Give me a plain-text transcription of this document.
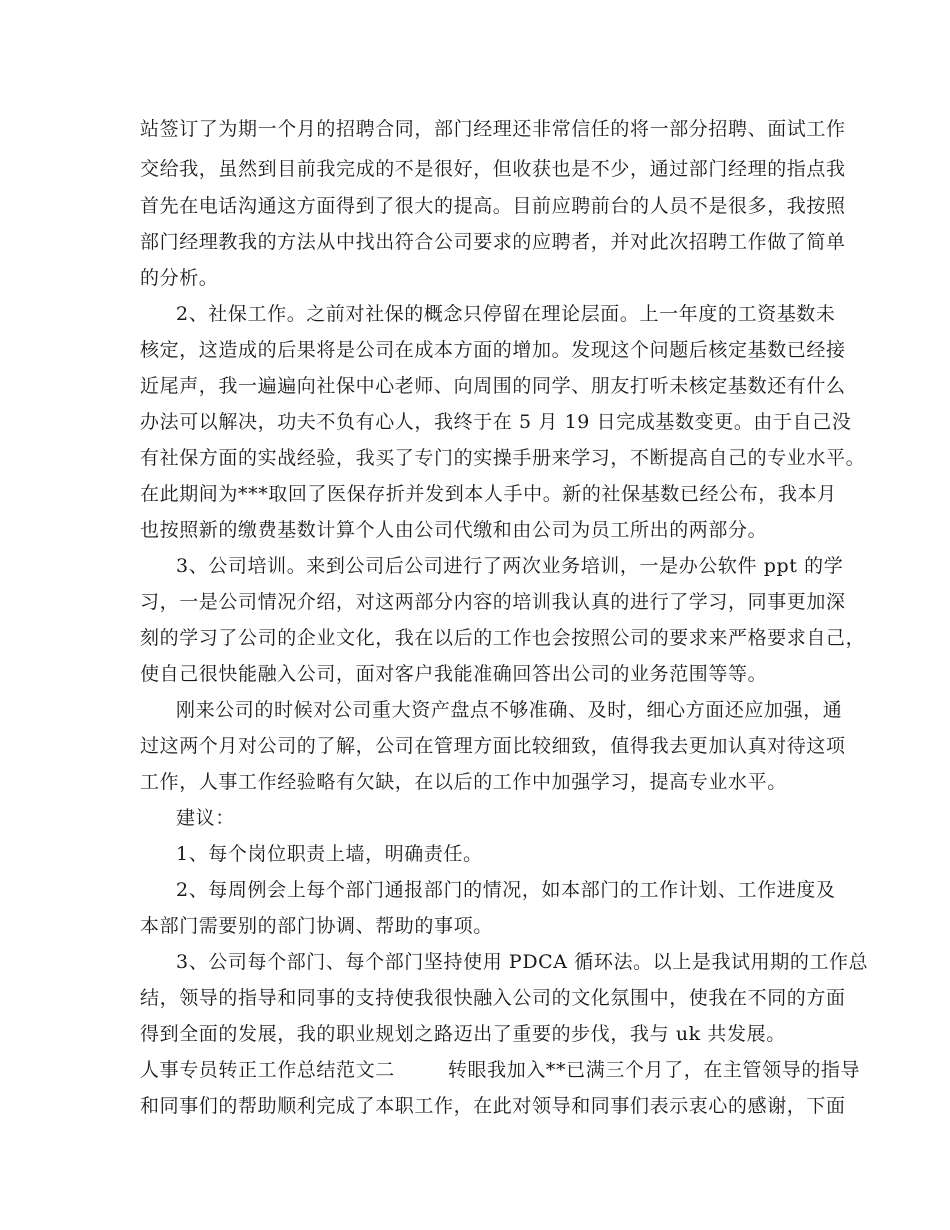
站签订了为期一个月的招聘合同，部门经理还非常信任的将一部分招聘、面试工作
交给我，虽然到目前我完成的不是很好，但收获也是不少，通过部门经理的指点我
首先在电话沟通这方面得到了很大的提高。目前应聘前台的人员不是很多，我按照
部门经理教我的方法从中找出符合公司要求的应聘者，并对此次招聘工作做了简单
的分析。
2、社保工作。之前对社保的概念只停留在理论层面。上一年度的工资基数未
核定，这造成的后果将是公司在成本方面的增加。发现这个问题后核定基数已经接
近尾声，我一遍遍向社保中心老师、向周围的同学、朋友打听未核定基数还有什么
办法可以解决，功夫不负有心人，我终于在 5 月 19 日完成基数变更。由于自己没
有社保方面的实战经验，我买了专门的实操手册来学习，不断提高自己的专业水平。
在此期间为***取回了医保存折并发到本人手中。新的社保基数已经公布，我本月
也按照新的缴费基数计算个人由公司代缴和由公司为员工所出的两部分。
3、公司培训。来到公司后公司进行了两次业务培训，一是办公软件 ppt 的学
习，一是公司情况介绍，对这两部分内容的培训我认真的进行了学习，同事更加深
刻的学习了公司的企业文化，我在以后的工作也会按照公司的要求来严格要求自己，
使自己很快能融入公司，面对客户我能准确回答出公司的业务范围等等。
刚来公司的时候对公司重大资产盘点不够准确、及时，细心方面还应加强，通
过这两个月对公司的了解，公司在管理方面比较细致，值得我去更加认真对待这项
工作，人事工作经验略有欠缺，在以后的工作中加强学习，提高专业水平。
建议：
1、每个岗位职责上墙，明确责任。
2、每周例会上每个部门通报部门的情况，如本部门的工作计划、工作进度及
本部门需要别的部门协调、帮助的事项。
3、公司每个部门、每个部门坚持使用 PDCA 循环法。以上是我试用期的工作总
结，领导的指导和同事的支持使我很快融入公司的文化氛围中，使我在不同的方面
得到全面的发展，我的职业规划之路迈出了重要的步伐，我与 uk 共发展。
人事专员转正工作总结范文二        转眼我加入**已满三个月了，在主管领导的指导
和同事们的帮助顺利完成了本职工作，在此对领导和同事们表示衷心的感谢，下面
